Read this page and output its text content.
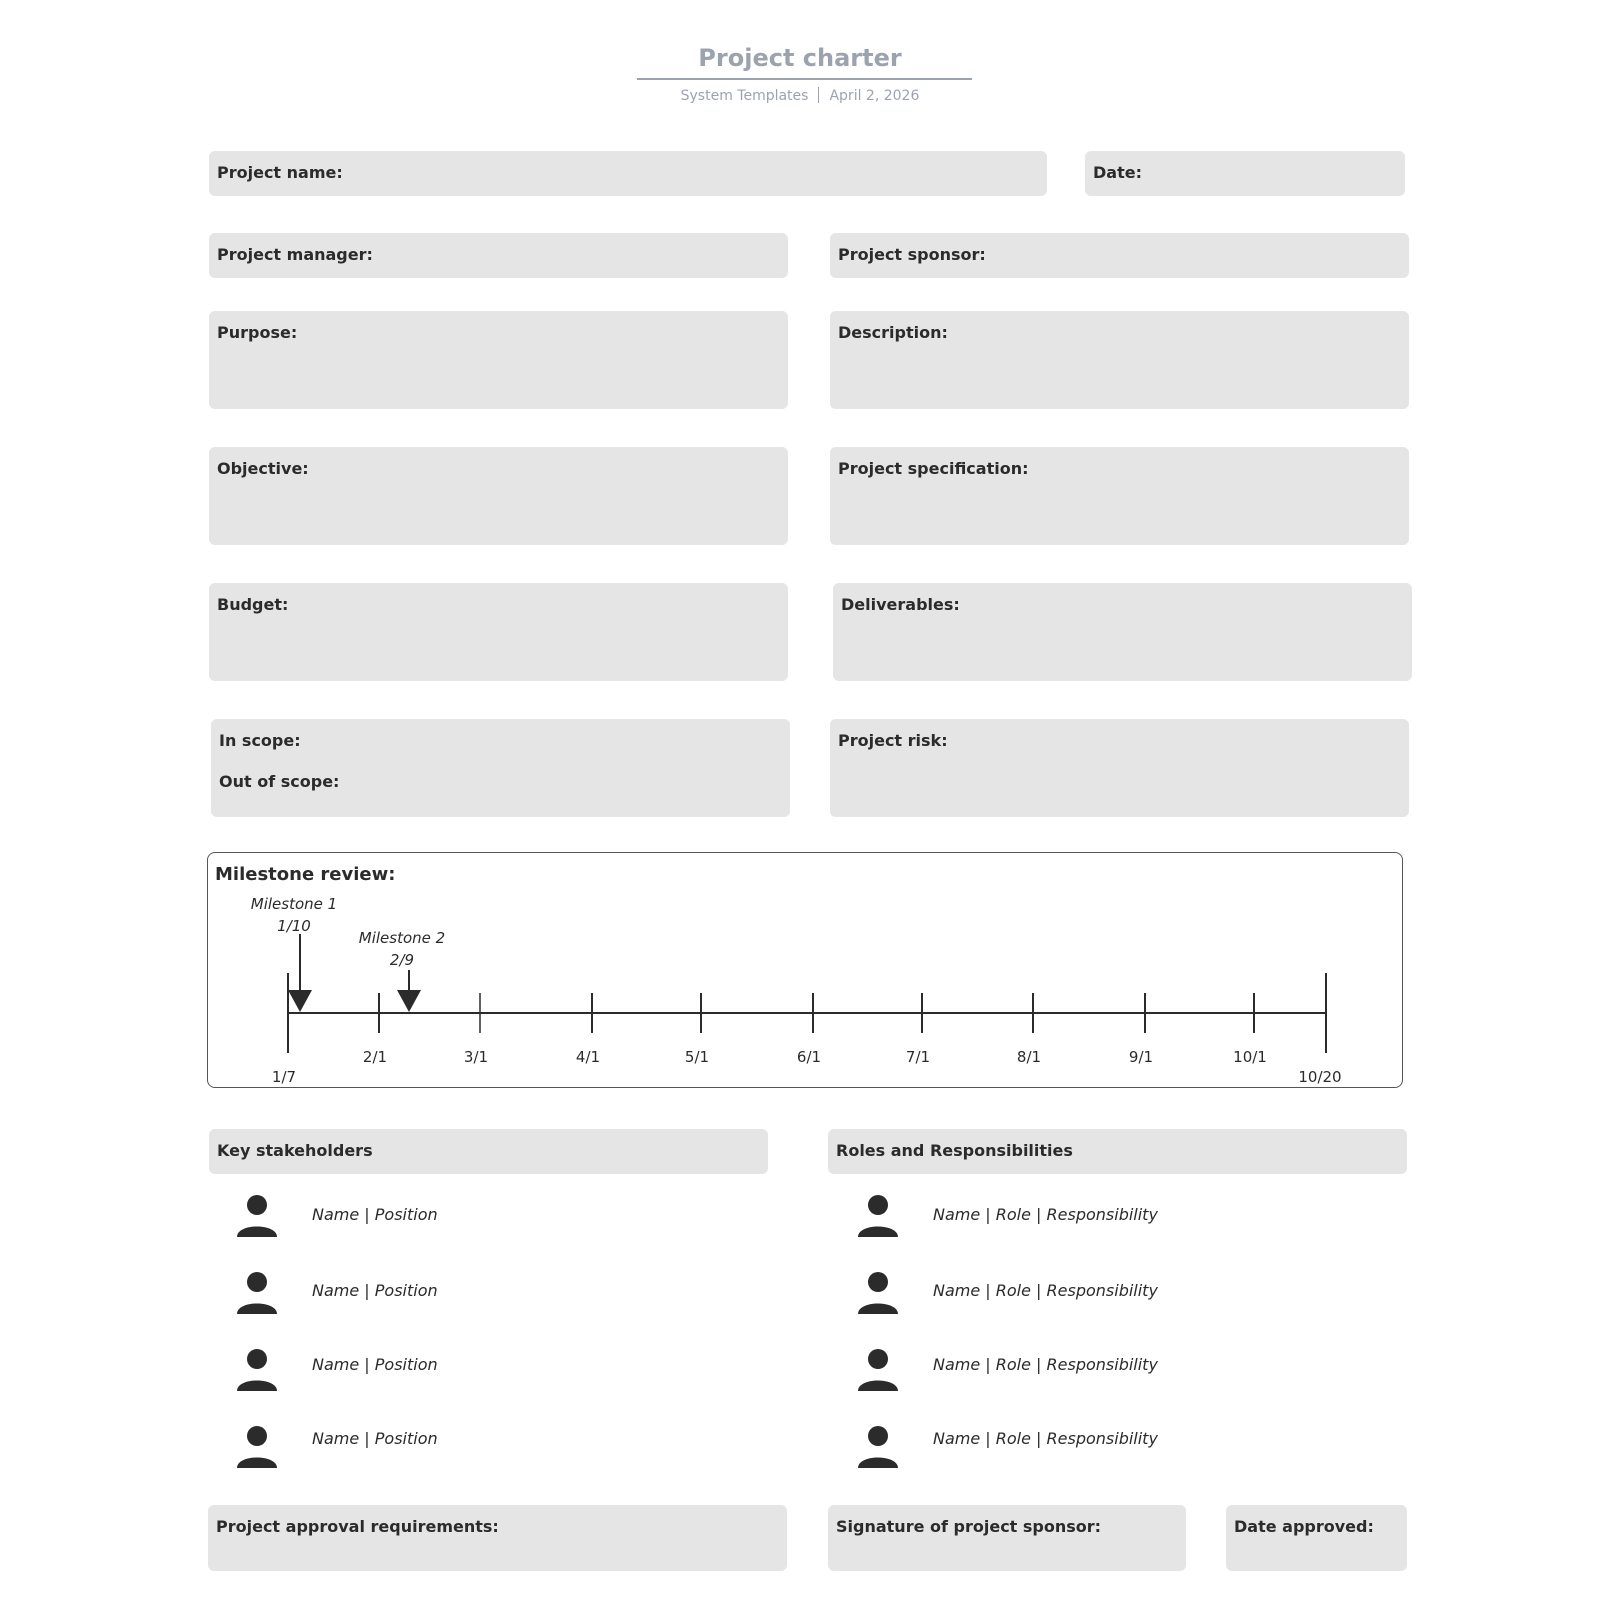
Project charter
System Templates April 2, 2026
Project name:	Date:
Project manager:	Project sponsor:
Purpose:	Description:
Objective:	Project specification:
Budget:	Deliverables:
In scope:
Out of scope:
Project risk:
Milestone review:
Milestone 1
1/10
Milestone 2
2/9
1/7
2/1	3/1	4/1	5/1	6/1	7/1	8/1	9/1	10/1
10/20
Key stakeholders	Roles and Responsibilities
Name | Position
Name | Position
Name | Position
Name | Position
Name | Role | Responsibility
Name | Role | Responsibility
Name | Role | Responsibility
Name | Role | Responsibility
Project approval requirements:	Signature of project sponsor:	Date approved:
